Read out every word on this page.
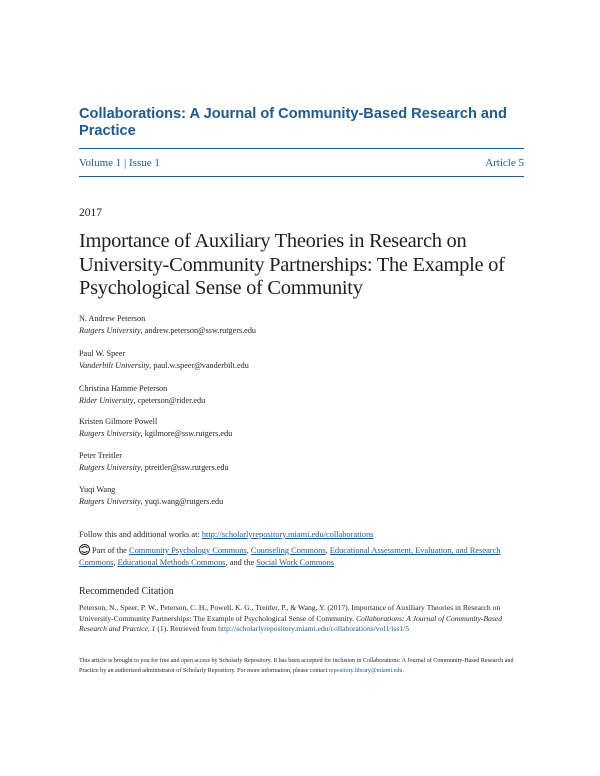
Collaborations: A Journal of Community-Based Research and Practice
Volume 1 | Issue 1	Article 5
2017
Importance of Auxiliary Theories in Research on University-Community Partnerships: The Example of Psychological Sense of Community
N. Andrew Peterson
Rutgers University, andrew.peterson@ssw.rutgers.edu
Paul W. Speer
Vanderbilt University, paul.w.speer@vanderbilt.edu
Christina Hamme Peterson
Rider University, cpeterson@rider.edu
Kristen Gilmore Powell
Rutgers University, kgilmore@ssw.rutgers.edu
Peter Treitler
Rutgers University, ptreitler@ssw.rutgers.edu
Yuqi Wang
Rutgers University, yuqi.wang@rutgers.edu
Follow this and additional works at: http://scholarlyrepository.miami.edu/collaborations
Part of the Community Psychology Commons, Counseling Commons, Educational Assessment, Evaluation, and Research Commons, Educational Methods Commons, and the Social Work Commons
Recommended Citation
Peterson, N., Speer, P. W., Peterson, C. H., Powell, K. G., Treitler, P., & Wang, Y. (2017). Importance of Auxiliary Theories in Research on University-Community Partnerships: The Example of Psychological Sense of Community. Collaborations: A Journal of Community-Based Research and Practice, 1 (1). Retrieved from http://scholarlyrepository.miami.edu/collaborations/vol1/iss1/5
This article is brought to you for free and open access by Scholarly Repository. It has been accepted for inclusion in Collaborations: A Journal of Community-Based Research and Practice by an authorized administrator of Scholarly Repository. For more information, please contact repository.library@miami.edu.
